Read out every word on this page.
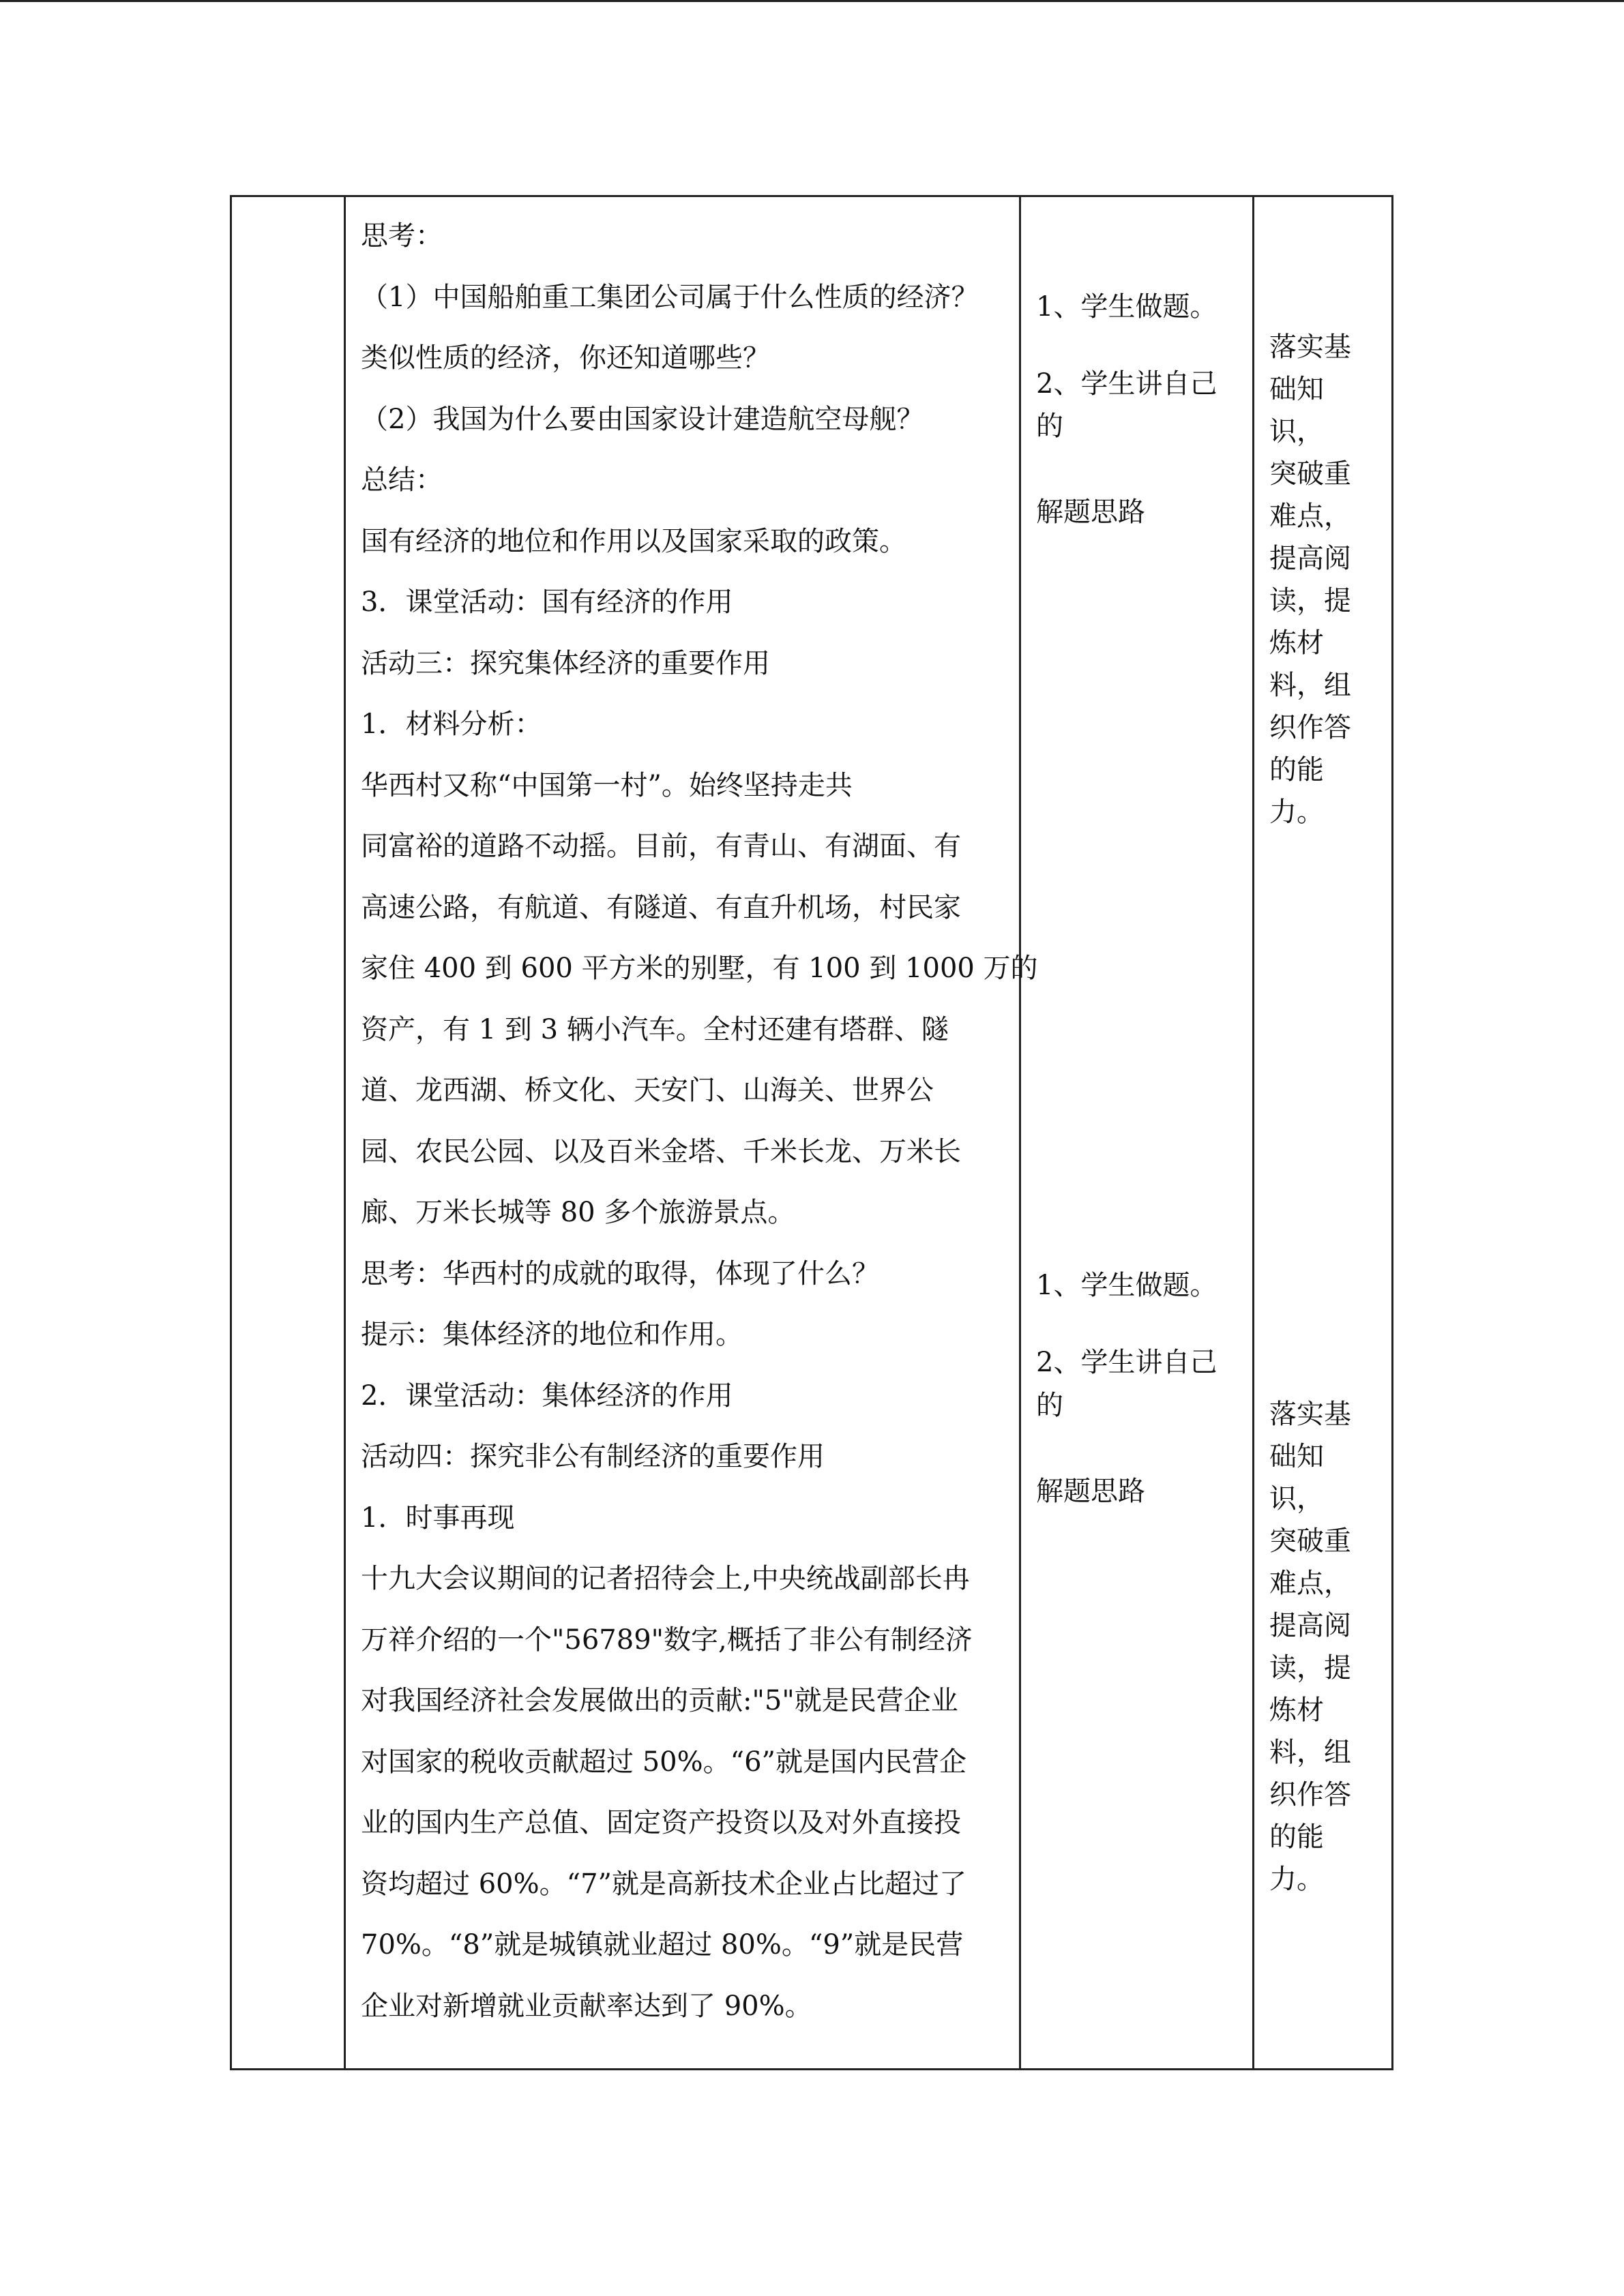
思考：
（1）中国船舶重工集团公司属于什么性质的经济？
类似性质的经济，你还知道哪些？
（2）我国为什么要由国家设计建造航空母舰？
总结：
国有经济的地位和作用以及国家采取的政策。
3．课堂活动：国有经济的作用
活动三：探究集体经济的重要作用
1．材料分析：
华西村又称“中国第一村”。始终坚持走共
同富裕的道路不动摇。目前，有青山、有湖面、有
高速公路，有航道、有隧道、有直升机场，村民家
家住 400 到 600 平方米的别墅，有 100 到 1000 万的
资产，有 1 到 3 辆小汽车。全村还建有塔群、隧
道、龙西湖、桥文化、天安门、山海关、世界公
园、农民公园、以及百米金塔、千米长龙、万米长
廊、万米长城等 80 多个旅游景点。
思考：华西村的成就的取得，体现了什么？
提示：集体经济的地位和作用。
2．课堂活动：集体经济的作用
活动四：探究非公有制经济的重要作用
1．时事再现
十九大会议期间的记者招待会上,中央统战副部长冉
万祥介绍的一个"56789"数字,概括了非公有制经济
对我国经济社会发展做出的贡献:"5"就是民营企业
对国家的税收贡献超过 50%。“6”就是国内民营企
业的国内生产总值、固定资产投资以及对外直接投
资均超过 60%。“7”就是高新技术企业占比超过了
70%。“8”就是城镇就业超过 80%。“9”就是民营
企业对新增就业贡献率达到了 90%。
1、学生做题。
2、学生讲自己
的
解题思路
1、学生做题。
2、学生讲自己
的
解题思路
落实基
础知
识，
突破重
难点，
提高阅
读，提
炼材
料，组
织作答
的能
力。
落实基
础知
识，
突破重
难点，
提高阅
读，提
炼材
料，组
织作答
的能
力。
